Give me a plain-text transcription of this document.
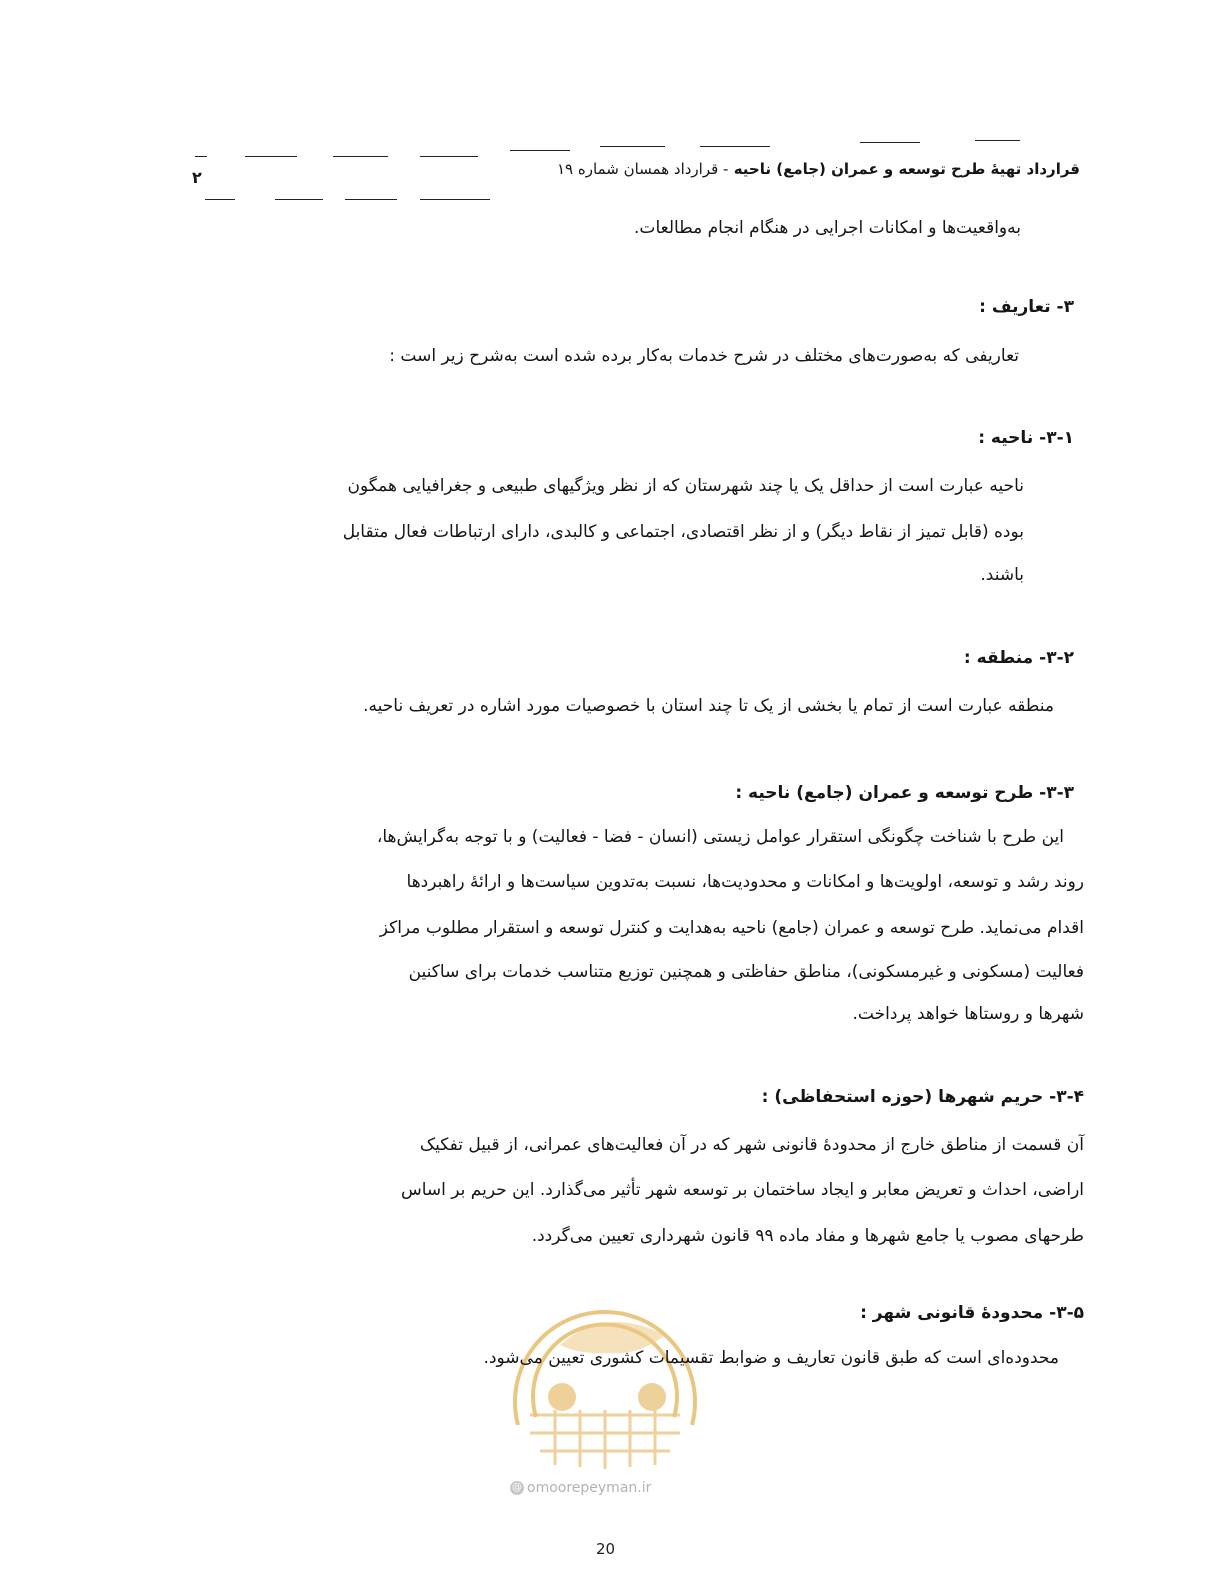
قرارداد تهیهٔ طرح توسعه و عمران (جامع) ناحیه - قرارداد همسان شماره ۱۹
۲
به‌واقعیت‌ها و امکانات اجرایی در هنگام انجام مطالعات.
۳- تعاریف :
تعاریفی که به‌صورت‌های مختلف در شرح خدمات به‌کار برده شده است به‌شرح زیر است :
۳-۱- ناحیه :
ناحیه عبارت است از حداقل یک یا چند شهرستان که از نظر ویژگیهای طبیعی و جغرافیایی همگون
بوده (قابل تمیز از نقاط دیگر) و از نظر اقتصادی، اجتماعی و کالبدی، دارای ارتباطات فعال متقابل
باشند.
۳-۲- منطقه :
منطقه عبارت است از تمام یا بخشی از یک تا چند استان با خصوصیات مورد اشاره در تعریف ناحیه.
۳-۳- طرح توسعه و عمران (جامع) ناحیه :
این طرح با شناخت چگونگی استقرار عوامل زیستی (انسان - فضا - فعالیت) و با توجه به‌گرایش‌ها،
روند رشد و توسعه، اولویت‌ها و امکانات و محدودیت‌ها، نسبت به‌تدوین سیاست‌ها و ارائهٔ راهبردها
اقدام می‌نماید. طرح توسعه و عمران (جامع) ناحیه به‌هدایت و کنترل توسعه و استقرار مطلوب مراکز
فعالیت (مسکونی و غیرمسکونی)، مناطق حفاظتی و همچنین توزیع متناسب خدمات برای ساکنین
شهرها و روستاها خواهد پرداخت.
۳-۴- حریم شهرها (حوزه استحفاظی) :
آن قسمت از مناطق خارج از محدودهٔ قانونی شهر که در آن فعالیت‌های عمرانی، از قبیل تفکیک
اراضی، احداث و تعریض معابر و ایجاد ساختمان بر توسعه شهر تأثیر می‌گذارد. این حریم بر اساس
طرحهای مصوب یا جامع شهرها و مفاد ماده ۹۹ قانون شهرداری تعیین می‌گردد.
۳-۵- محدودهٔ قانونی شهر :
محدوده‌ای است که طبق قانون تعاریف و ضوابط تقسیمات کشوری تعیین می‌شود.
@ omoorepeyman.ir
20
